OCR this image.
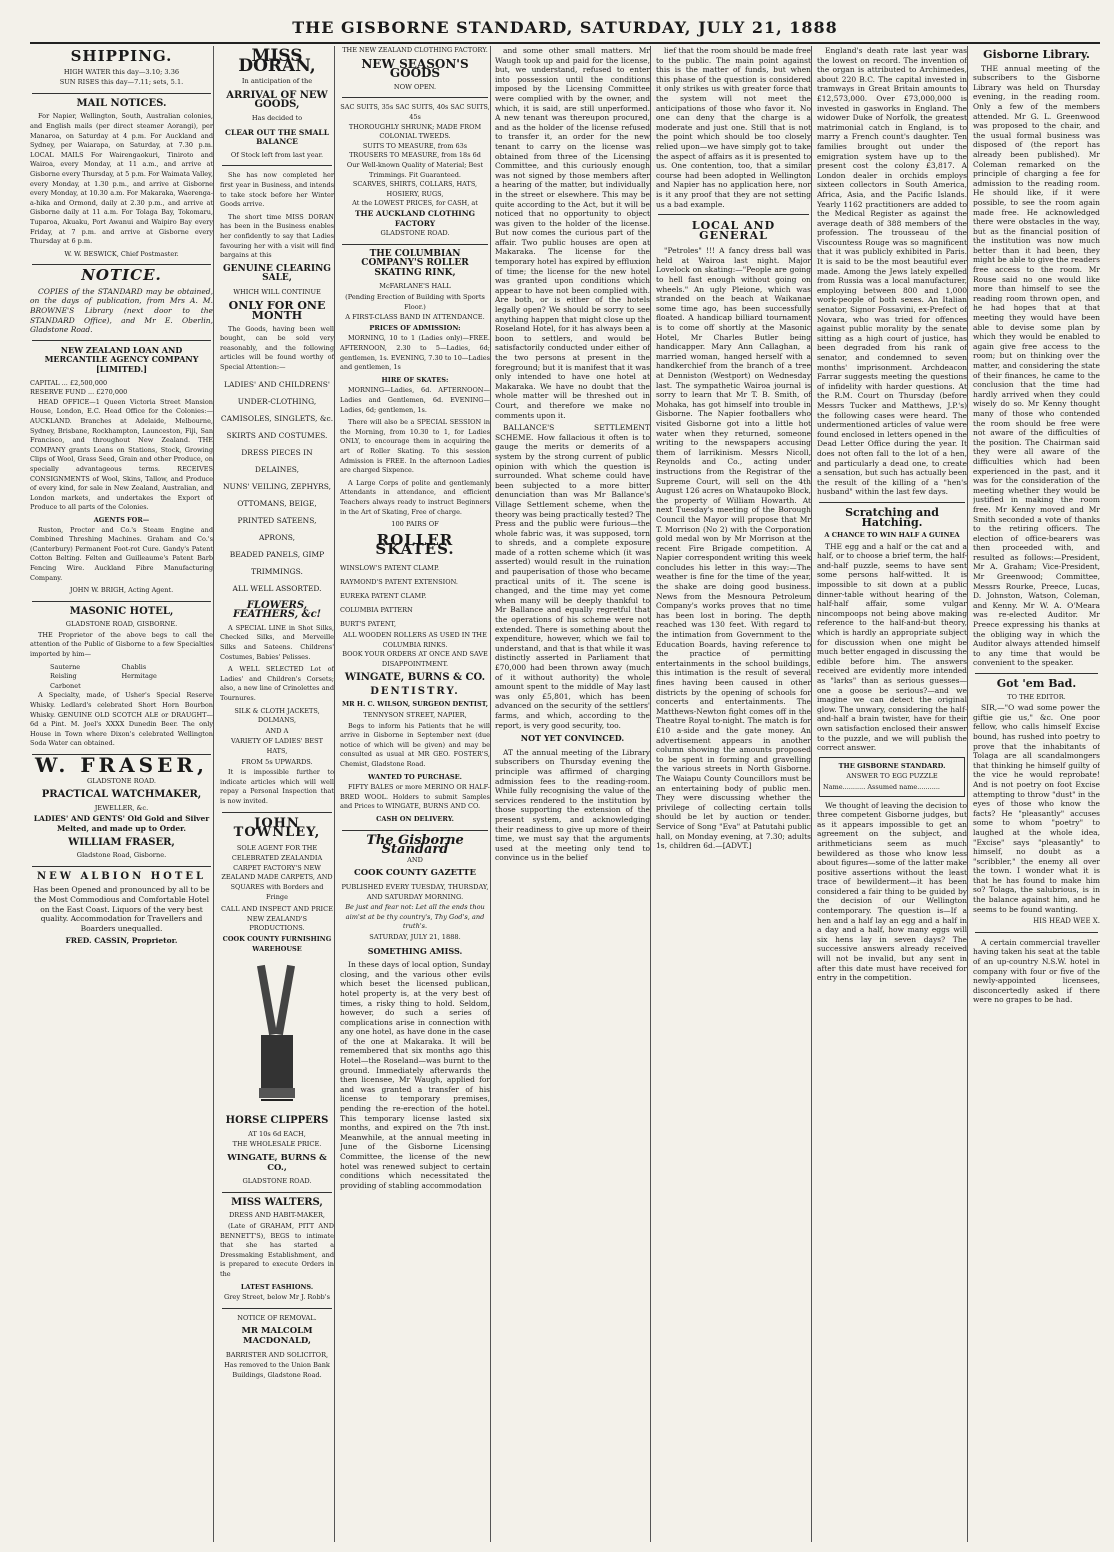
THE GISBORNE STANDARD, SATURDAY, JULY 21, 1888
SHIPPING.
HIGH WATER this day—3.10; 3.36
SUN RISES this day—7.11; sets, 5.1.
MAIL NOTICES.

For Napier, Wellington, South, Australian colonies, and English mails (per direct steamer Aorangi), per Manaroa, on Saturday at 4 p.m. For Auckland and Sydney, per Waiarapa, on Saturday, at 7.30 p.m. LOCAL MAILS For Wairengaokuri, Tiniroto and Wairoa, every Monday, at 11 a.m., and arrive at Gisborne every Thursday, at 5 p.m. For Waimata Valley, every Monday, at 1.30 p.m., and arrive at Gisborne every Monday, at 10.30 a.m. For Makaraka, Waerenga-a-hika and Ormond, daily at 2.30 p.m., and arrive at Gisborne daily at 11 a.m. For Tolaga Bay, Tokomaru, Tuparoa, Akuaku, Port Awanui and Waipiro Bay every Friday, at 7 p.m. and arrive at Gisborne every Thursday at 6 p.m.

W. W. BESWICK, Chief Postmaster.
NOTICE.

COPIES of the STANDARD may be obtained, on the days of publication, from Mrs A. M. BROWNE'S Library (next door to the STANDARD Office), and Mr E. Oberlin, Gladstone Road.

NEW ZEALAND LOAN AND MERCANTILE AGENCY COMPANY [LIMITED.]
CAPITAL ... £2,500,000
RESERVE FUND ... £270,000

HEAD OFFICE—1 Queen Victoria Street Mansion House, London, E.C. Head Office for the Colonies:—AUCKLAND. Branches at Adelaide, Melbourne, Sydney, Brisbane, Rockhampton, Launceston, Fiji, San Francisco, and throughout New Zealand. THE COMPANY grants Loans on Stations, Stock, Growing Clips of Wool, Grass Seed, Grain and other Produce, on specially advantageous terms. RECEIVES CONSIGNMENTS of Wool, Skins, Tallow, and Produce of every kind, for sale in New Zealand, Australian, and London markets, and undertakes the Export of Produce to all parts of the Colonies.

AGENTS FOR—

Ruston, Proctor and Co.'s Steam Engine and Combined Threshing Machines. Graham and Co.'s (Canterbury) Permanent Foot-rot Cure. Gandy's Patent Cotton Belting. Felten and Guilleaume's Patent Barb Fencing Wire. Auckland Fibre Manufacturing Company.

JOHN W. BRIGH, Acting Agent.
MASONIC HOTEL,
GLADSTONE ROAD, GISBORNE.

THE Proprietor of the above begs to call the attention of the Public of Gisborne to a few Specialties imported by him—

Sauterne	Chablis
Reisling	Hermitage
Carbonet

A Specialty, made, of Usher's Special Reserve Whisky. Ledlard's celebrated Short Horn Bourbon Whisky. GENUINE OLD SCOTCH ALE or DRAUGHT—6d a Pint. M. Joel's XXXX Dunedin Beer. The only House in Town where Dixon's celebrated Wellington Soda Water can obtained.

W. FRASER,
GLADSTONE ROAD.
PRACTICAL WATCHMAKER,
JEWELLER, &c.

LADIES' AND GENTS' Old Gold and Silver Melted, and made up to Order.

WILLIAM FRASER,
Gladstone Road, Gisborne.
NEW ALBION HOTEL

Has been Opened and pronounced by all to be the Most Commodious and Comfortable Hotel on the East Coast. Liquors of the very best quality. Accommodation for Travellers and Boarders unequalled.

FRED. CASSIN, Proprietor.
MISS DORAN,
In anticipation of the
ARRIVAL OF NEW GOODS,
Has decided to
CLEAR OUT THE SMALL BALANCE
Of Stock left from last year.

She has now completed her first year in Business, and intends to take stock before her Winter Goods arrive.

The short time MISS DORAN has been in the Business enables her confidently to say that Ladies favouring her with a visit will find bargains at this

GENUINE CLEARING SALE,
WHICH WILL CONTINUE
ONLY FOR ONE MONTH

The Goods, having been well bought, can be sold very reasonably, and the following articles will be found worthy of Special Attention:—

LADIES' AND CHILDRENS' UNDER-CLOTHING,
CAMISOLES, SINGLETS, &c.
SKIRTS AND COSTUMES.
DRESS PIECES IN DELAINES,
NUNS' VEILING, ZEPHYRS,
OTTOMANS, BEIGE,
PRINTED SATEENS, APRONS,
BEADED PANELS, GIMP TRIMMINGS.
ALL WELL ASSORTED.
FLOWERS, FEATHERS, &c!

A SPECIAL LINE in Shot Silks, Checked Silks, and Merveille Silks and Sateens. Childrens' Costumes, Babies' Pelisses.

A WELL SELECTED Lot of Ladies' and Children's Corsets; also, a new line of Crinolettes and Tournures.

SILK & CLOTH JACKETS, DOLMANS,
AND A
VARIETY OF LADIES' BEST HATS,
FROM 5s UPWARDS.

It is impossible further to indicate articles which will well repay a Personal Inspection that is now invited.

JOHN TOWNLEY,
SOLE AGENT FOR THE

CELEBRATED ZEALANDIA CARPET FACTORY'S NEW ZEALAND MADE CARPETS, AND SQUARES with Borders and Fringe

CALL AND INSPECT AND PRICE NEW ZEALAND'S PRODUCTIONS.
COOK COUNTY FURNISHING WAREHOUSE
HORSE CLIPPERS
AT 10s 6d EACH,
THE WHOLESALE PRICE.
WINGATE, BURNS & CO.,
GLADSTONE ROAD.
MISS WALTERS,
DRESS AND HABIT-MAKER,

(Late of GRAHAM, PITT AND BENNETT'S), BEGS to intimate that she has started a Dressmaking Establishment, and is prepared to execute Orders in the

LATEST FASHIONS.
Grey Street, below Mr J. Robb's
NOTICE OF REMOVAL.
MR MALCOLM MACDONALD,
BARRISTER AND SOLICITOR,

Has removed to the Union Bank Buildings, Gladstone Road.

THE NEW ZEALAND CLOTHING FACTORY.
NEW SEASON'S GOODS
NOW OPEN.
SAC SUITS, 35s SAC SUITS, 40s SAC SUITS, 45s
THOROUGHLY SHRUNK; MADE FROM COLONIAL TWEEDS.
SUITS TO MEASURE, from 63s
TROUSERS TO MEASURE, from 18s 6d
Our Well-known Quality of Material; Best Trimmings. Fit Guaranteed.
SCARVES, SHIRTS, COLLARS, HATS, HOSIERY, RUGS,
At the LOWEST PRICES, for CASH, at
THE AUCKLAND CLOTHING FACTORY
GLADSTONE ROAD.
THE COLUMBIAN COMPANY'S ROLLER SKATING RINK,
McFARLANE'S HALL
(Pending Erection of Building with Sports Floor.)
A FIRST-CLASS BAND IN ATTENDANCE.
PRICES OF ADMISSION:

MORNING, 10 to 1 (Ladies only)—FREE. AFTERNOON, 2.30 to 5—Ladies, 6d; gentlemen, 1s. EVENING, 7.30 to 10—Ladies and gentlemen, 1s

HIRE OF SKATES:

MORNING—Ladies, 6d. AFTERNOON—Ladies and Gentlemen, 6d. EVENING—Ladies, 6d; gentlemen, 1s.

There will also be a SPECIAL SESSION in the Morning, from 10.30 to 1, for Ladies ONLY, to encourage them in acquiring the art of Roller Skating. To this session Admission is FREE. In the afternoon Ladies are charged Sixpence.

A Large Corps of polite and gentlemanly Attendants in attendance, and efficient Teachers always ready to instruct Beginners in the Art of Skating, Free of charge.

100 PAIRS OF
ROLLER SKATES.
WINSLOW'S PATENT CLAMP.
RAYMOND'S PATENT EXTENSION.
EUREKA PATENT CLAMP.
COLUMBIA PATTERN
BURT'S PATENT,
ALL WOODEN ROLLERS AS USED IN THE COLUMBIA RINKS.
BOOK YOUR ORDERS AT ONCE AND SAVE DISAPPOINTMENT.
WINGATE, BURNS & CO.
DENTISTRY.
MR H. C. WILSON, SURGEON DENTIST,
TENNYSON STREET, NAPIER,

Begs to inform his Patients that he will arrive in Gisborne in September next (due notice of which will be given) and may be consulted as usual at MR GEO. FOSTER'S, Chemist, Gladstone Road.

WANTED TO PURCHASE.

FIFTY BALES or more MERINO OR HALF-BRED WOOL. Holders to submit Samples and Prices to WINGATE, BURNS AND CO.

CASH ON DELIVERY.
The Gisborne Standard
AND
COOK COUNTY GAZETTE
PUBLISHED EVERY TUESDAY, THURSDAY, AND SATURDAY MORNING.
Be just and fear not: Let all the ends thou aim'st at be thy country's, Thy God's, and truth's.
SATURDAY, JULY 21, 1888.
SOMETHING AMISS.

In these days of local option, Sunday closing, and the various other evils which beset the licensed publican, hotel property is, at the very best of times, a risky thing to hold. Seldom, however, do such a series of complications arise in connection with any one hotel, as have done in the case of the one at Makaraka. It will be remembered that six months ago this Hotel—the Roseland—was burnt to the ground. Immediately afterwards the then licensee, Mr Waugh, applied for and was granted a transfer of his license to temporary premises, pending the re-erection of the hotel. This temporary license lasted six months, and expired on the 7th inst. Meanwhile, at the annual meeting in June of the Gisborne Licensing Committee, the license of the new hotel was renewed subject to certain conditions which necessitated the providing of stabling accommodation

and some other small matters. Mr Waugh took up and paid for the license, but, we understand, refused to enter into possession until the conditions imposed by the Licensing Committee were complied with by the owner, and which, it is said, are still unperformed. A new tenant was thereupon procured, and as the holder of the license refused to transfer it, an order for the new tenant to carry on the license was obtained from three of the Licensing Committee, and this curiously enough was not signed by those members after a hearing of the matter, but individually in the street or elsewhere. This may be quite according to the Act, but it will be noticed that no opportunity to object was given to the holder of the license. But now comes the curious part of the affair. Two public houses are open at Makaraka. The license for the temporary hotel has expired by effluxion of time; the license for the new hotel was granted upon conditions which appear to have not been complied with. Are both, or is either of the hotels legally open? We should be sorry to see anything happen that might close up the Roseland Hotel, for it has always been a boon to settlers, and would be satisfactorily conducted under either of the two persons at present in the foreground; but it is manifest that it was only intended to have one hotel at Makaraka. We have no doubt that the whole matter will be threshed out in Court, and therefore we make no comments upon it.

BALLANCE'S SETTLEMENT SCHEME. How fallacious it often is to gauge the merits or demerits of a system by the strong current of public opinion with which the question is surrounded. What scheme could have been subjected to a more bitter denunciation than was Mr Ballance's Village Settlement scheme, when the theory was being practically tested? The Press and the public were furious—the whole fabric was, it was supposed, torn to shreds, and a complete exposure made of a rotten scheme which (it was asserted) would result in the ruination and pauperisation of those who became practical units of it. The scene is changed, and the time may yet come when many will be deeply thankful to Mr Ballance and equally regretful that the operations of his scheme were not extended. There is something about the expenditure, however, which we fail to understand, and that is that while it was distinctly asserted in Parliament that £70,000 had been thrown away (much of it without authority) the whole amount spent to the middle of May last was only £5,801, which has been advanced on the security of the settlers' farms, and which, according to the report, is very good security, too.

NOT YET CONVINCED.

AT the annual meeting of the Library subscribers on Thursday evening the principle was affirmed of charging admission fees to the reading-room. While fully recognising the value of the services rendered to the institution by those supporting the extension of the present system, and acknowledging their readiness to give up more of their time, we must say that the arguments used at the meeting only tend to convince us in the belief

lief that the room should be made free to the public. The main point against this is the matter of funds, but when this phase of the question is considered it only strikes us with greater force that the system will not meet the anticipations of those who favor it. No one can deny that the charge is a moderate and just one. Still that is not the point which should be too closely relied upon—we have simply got to take the aspect of affairs as it is presented to us. One contention, too, that a similar course had been adopted in Wellington and Napier has no application here, nor is it any proof that they are not setting us a bad example.

LOCAL AND GENERAL

"Petroles" !!! A fancy dress ball was held at Wairoa last night. Major Lovelock on skating:—"People are going to hell fast enough without going on wheels." An ugly Pleione, which was stranded on the beach at Waikanae some time ago, has been successfully floated. A handicap billiard tournament is to come off shortly at the Masonic Hotel, Mr Charles Butler being handicapper. Mary Ann Callaghan, a married woman, hanged herself with a handkerchief from the branch of a tree at Denniston (Westport) on Wednesday last. The sympathetic Wairoa journal is sorry to learn that Mr T. B. Smith, of Mohaka, has got himself into trouble in Gisborne. The Napier footballers who visited Gisborne got into a little hot water when they returned, someone writing to the newspapers accusing them of larrikinism. Messrs Nicoll, Reynolds and Co., acting under instructions from the Registrar of the Supreme Court, will sell on the 4th August 126 acres on Whataupoko Block, the property of William Howarth. At next Tuesday's meeting of the Borough Council the Mayor will propose that Mr T. Morrison (No 2) with the Corporation gold medal won by Mr Morrison at the recent Fire Brigade competition. A Napier correspondent writing this week concludes his letter in this way:—The weather is fine for the time of the year, the shake are doing good business. News from the Mesnoura Petroleum Company's works proves that no time has been lost in boring. The depth reached was 130 feet. With regard to the intimation from Government to the Education Boards, having reference to the practice of permitting entertainments in the school buildings, this intimation is the result of several fines having been caused in other districts by the opening of schools for concerts and entertainments. The Matthews-Newton fight comes off in the Theatre Royal to-night. The match is for £10 a-side and the gate money. An advertisement appears in another column showing the amounts proposed to be spent in forming and gravelling the various streets in North Gisborne. The Waiapu County Councillors must be an entertaining body of public men. They were discussing whether the privilege of collecting certain tolls should be let by auction or tender. Service of Song "Eva" at Patutahi public hall, on Monday evening, at 7.30; adults 1s, children 6d.—[ADVT.]

England's death rate last year was the lowest on record. The invention of the organ is attributed to Archimedes, about 220 B.C. The capital invested in tramways in Great Britain amounts to £12,573,000. Over £73,000,000 is invested in gasworks in England. The widower Duke of Norfolk, the greatest matrimonial catch in England, is to marry a French count's daughter. Ten families brought out under the emigration system have up to the present cost the colony £3,817. A London dealer in orchids employs sixteen collectors in South America, Africa, Asia, and the Pacific Islands. Yearly 1162 practitioners are added to the Medical Register as against the average death of 388 members of the profession. The trousseau of the Viscountess Rouge was so magnificent that it was publicly exhibited in Paris. It is said to be the most beautiful ever made. Among the Jews lately expelled from Russia was a local manufacturer, employing between 800 and 1,000 work-people of both sexes. An Italian senator, Signor Fossavini, ex-Prefect of Novara, who was tried for offences against public morality by the senate sitting as a high court of justice, has been degraded from his rank of senator, and condemned to seven months' imprisonment. Archdeacon Farrar suggests meeting the questions of infidelity with harder questions. At the R.M. Court on Thursday (before Messrs Tucker and Matthews, J.P.'s) the following cases were heard. The undermentioned articles of value were found enclosed in letters opened in the Dead Letter Office during the year. It does not often fall to the lot of a hen, and particularly a dead one, to create a sensation, but such has actually been the result of the killing of a "hen's husband" within the last few days.

Scratching and Hatching.
A CHANCE TO WIN HALF A GUINEA

THE egg and a half or the cat and a half, or to choose a brief term, the half-and-half puzzle, seems to have sent some persons half-witted. It is impossible to sit down at a public dinner-table without hearing of the half-half affair, some vulgar nincompoops not being above making reference to the half-and-but theory, which is hardly an appropriate subject for discussion when one might be much better engaged in discussing the edible before him. The answers received are evidently more intended as "larks" than as serious guesses—one a goose be serious?—and we imagine we can detect the original glow. The unwary, considering the half-and-half a brain twister, have for their own satisfaction enclosed their answer to the puzzle, and we will publish the correct answer.

THE GISBORNE STANDARD.
ANSWER TO EGG PUZZLE
Name........... Assumed name...........

We thought of leaving the decision to three competent Gisborne judges, but as it appears impossible to get an agreement on the subject, and arithmeticians seem as much bewildered as those who know less about figures—some of the latter make positive assertions without the least trace of bewilderment—it has been considered a fair thing to be guided by the decision of our Wellington contemporary. The question is—If a hen and a half lay an egg and a half in a day and a half, how many eggs will six hens lay in seven days? The successive answers already received will not be invalid, but any sent in after this date must have received for entry in the competition.

Gisborne Library.

THE annual meeting of the subscribers to the Gisborne Library was held on Thursday evening, in the reading room. Only a few of the members attended. Mr G. L. Greenwood was proposed to the chair, and the usual formal business was disposed of (the report has already been published). Mr Coleman remarked on the principle of charging a fee for admission to the reading room. He should like, if it were possible, to see the room again made free. He acknowledged there were obstacles in the way, but as the financial position of the institution was now much better than it had been, they might be able to give the readers free access to the room. Mr Rouse said no one would like more than himself to see the reading room thrown open, and he had hopes that at that meeting they would have been able to devise some plan by which they would be enabled to again give free access to the room; but on thinking over the matter, and considering the state of their finances, he came to the conclusion that the time had hardly arrived when they could wisely do so. Mr Kenny thought many of those who contended the room should be free were not aware of the difficulties of the position. The Chairman said they were all aware of the difficulties which had been experienced in the past, and it was for the consideration of the meeting whether they would be justified in making the room free. Mr Kenny moved and Mr Smith seconded a vote of thanks to the retiring officers. The election of office-bearers was then proceeded with, and resulted as follows:—President, Mr A. Graham; Vice-President, Mr Greenwood; Committee, Messrs Rourke, Preece, Lucas, D. Johnston, Watson, Coleman, and Kenny. Mr W. A. O'Meara was re-elected Auditor. Mr Preece expressing his thanks at the obliging way in which the Auditor always attended himself to any time that would be convenient to the speaker.

Got 'em Bad.
TO THE EDITOR.

SIR,—"O wad some power the giftie gie us," &c. One poor fellow, who calls himself Excise bound, has rushed into poetry to prove that the inhabitants of Tolaga are all scandalmongers that thinking he himself guilty of the vice he would reprobate! And is not poetry on foot Excise attempting to throw "dust" in the eyes of those who know the facts? He "pleasantly" accuses some to whom "poetry" to laughed at the whole idea, "Excise" says "pleasantly" to himself, no doubt as a "scribbler," the enemy all over the town. I wonder what it is that he has found to make him so? Tolaga, the salubrious, is in the balance against him, and he seems to be found wanting.

HIS HEAD WEE X.

A certain commercial traveller having taken his seat at the table of an up-country N.S.W. hotel in company with four or five of the newly-appointed licensees, disconcertedly asked if there were no grapes to be had.
